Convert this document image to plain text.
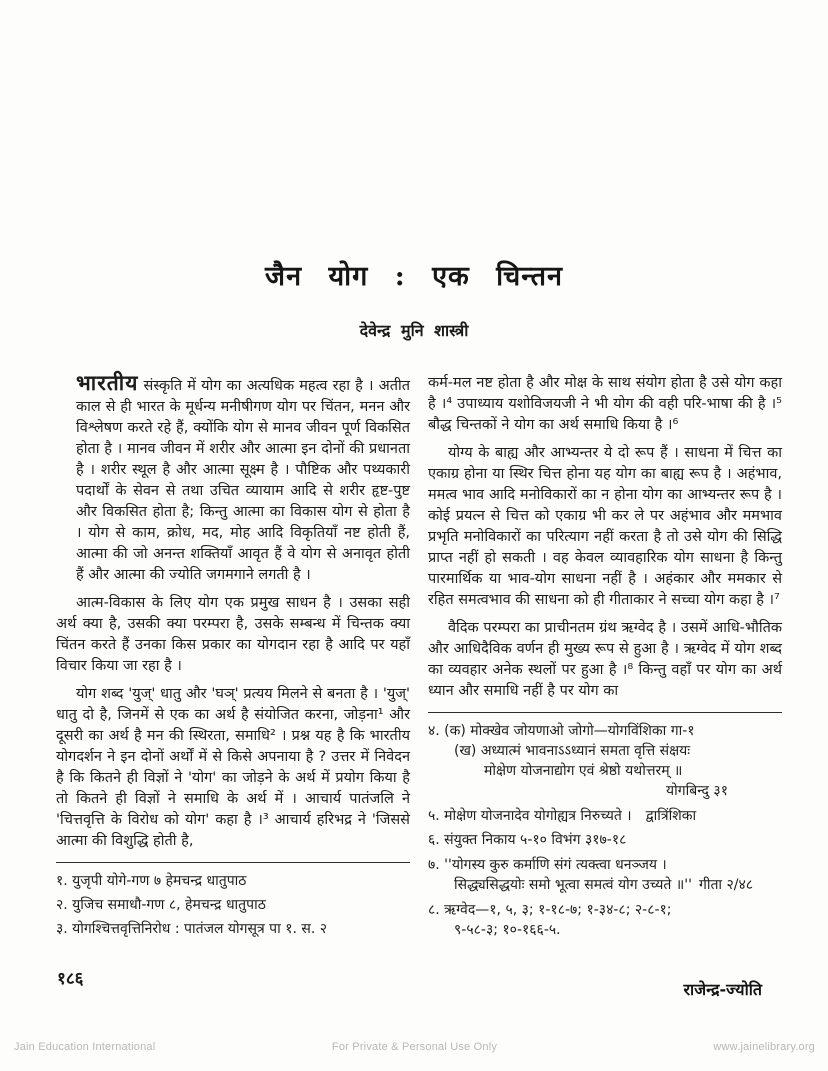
जैन योग : एक चिन्तन
देवेन्द्र मुनि शास्त्री

भारतीय संस्कृति में योग का अत्यधिक महत्व रहा है । अतीत काल से ही भारत के मूर्धन्य मनीषीगण योग पर चिंतन, मनन और विश्लेषण करते रहे हैं, क्योंकि योग से मानव जीवन पूर्ण विकसित होता है । मानव जीवन में शरीर और आत्मा इन दोनों की प्रधानता है । शरीर स्थूल है और आत्मा सूक्ष्म है । पौष्टिक और पथ्यकारी पदार्थों के सेवन से तथा उचित व्यायाम आदि से शरीर हृष्ट-पुष्ट और विकसित होता है; किन्तु आत्मा का विकास योग से होता है । योग से काम, क्रोध, मद, मोह आदि विकृतियाँ नष्ट होती हैं, आत्मा की जो अनन्त शक्तियाँ आवृत हैं वे योग से अनावृत होती हैं और आत्मा की ज्योति जगमगाने लगती है ।

आत्म-विकास के लिए योग एक प्रमुख साधन है । उसका सही अर्थ क्या है, उसकी क्या परम्परा है, उसके सम्बन्ध में चिन्तक क्या चिंतन करते हैं उनका किस प्रकार का योगदान रहा है आदि पर यहाँ विचार किया जा रहा है ।

योग शब्द 'युज्' धातु और 'घञ्' प्रत्यय मिलने से बनता है । 'युज्' धातु दो है, जिनमें से एक का अर्थ है संयोजित करना, जोड़ना¹ और दूसरी का अर्थ है मन की स्थिरता, समाधि² । प्रश्न यह है कि भारतीय योगदर्शन ने इन दोनों अर्थों में से किसे अपनाया है ? उत्तर में निवेदन है कि कितने ही विज्ञों ने 'योग' का जोड़ने के अर्थ में प्रयोग किया है तो कितने ही विज्ञों ने समाधि के अर्थ में । आचार्य पातंजलि ने 'चित्तवृत्ति के विरोध को योग' कहा है ।³ आचार्य हरिभद्र ने 'जिससे आत्मा की विशुद्धि होती है,

१. युजृपी योगे-गण ७ हेमचन्द्र धातुपाठ
२. युजिच समाधौ-गण ८, हेमचन्द्र धातुपाठ
३. योगश्चित्तवृत्तिनिरोध : पातंजल योगसूत्र पा १. स. २

कर्म-मल नष्ट होता है और मोक्ष के साथ संयोग होता है उसे योग कहा है ।⁴ उपाध्याय यशोविजयजी ने भी योग की वही परि-भाषा की है ।⁵ बौद्ध चिन्तकों ने योग का अर्थ समाधि किया है ।⁶

योग्य के बाह्य और आभ्यन्तर ये दो रूप हैं । साधना में चित्त का एकाग्र होना या स्थिर चित्त होना यह योग का बाह्य रूप है । अहंभाव, ममत्व भाव आदि मनोविकारों का न होना योग का आभ्यन्तर रूप है । कोई प्रयत्न से चित्त को एकाग्र भी कर ले पर अहंभाव और ममभाव प्रभृति मनोविकारों का परित्याग नहीं करता है तो उसे योग की सिद्धि प्राप्त नहीं हो सकती । वह केवल व्यावहारिक योग साधना है किन्तु पारमार्थिक या भाव-योग साधना नहीं है । अहंकार और ममकार से रहित समत्वभाव की साधना को ही गीताकार ने सच्चा योग कहा है ।⁷

वैदिक परम्परा का प्राचीनतम ग्रंथ ऋग्वेद है । उसमें आधि-भौतिक और आधिदैविक वर्णन ही मुख्य रूप से हुआ है । ऋग्वेद में योग शब्द का व्यवहार अनेक स्थलों पर हुआ है ।⁸ किन्तु वहाँ पर योग का अर्थ ध्यान और समाधि नहीं है पर योग का

४. (क) मोक्खेव जोयणाओ जोगो—योगविंशिका गा-१
(ख) अध्यात्मं भावनाऽऽध्यानं समता वृत्ति संक्षयः
मोक्षेण योजनाद्योग एवं श्रेष्ठो यथोत्तरम् ॥
योगबिन्दु ३१
५. मोक्षेण योजनादेव योगोह्यत्र निरुच्यते । द्वात्रिंशिका
६. संयुक्त निकाय ५-१० विभंग ३१७-१८
७. ''योगस्य कुरु कर्माणि संगं त्यक्त्वा धनञ्जय ।
सिद्ध्यसिद्धयोः समो भूत्वा समत्वं योग उच्यते ॥'' गीता २/४८
८. ऋग्वेद—१, ५, ३; १-१८-७; १-३४-८; २-८-१;
९-५८-३; १०-१६६-५.
१८६
राजेन्द्र-ज्योति
Jain Education International	For Private & Personal Use Only	www.jainelibrary.org
